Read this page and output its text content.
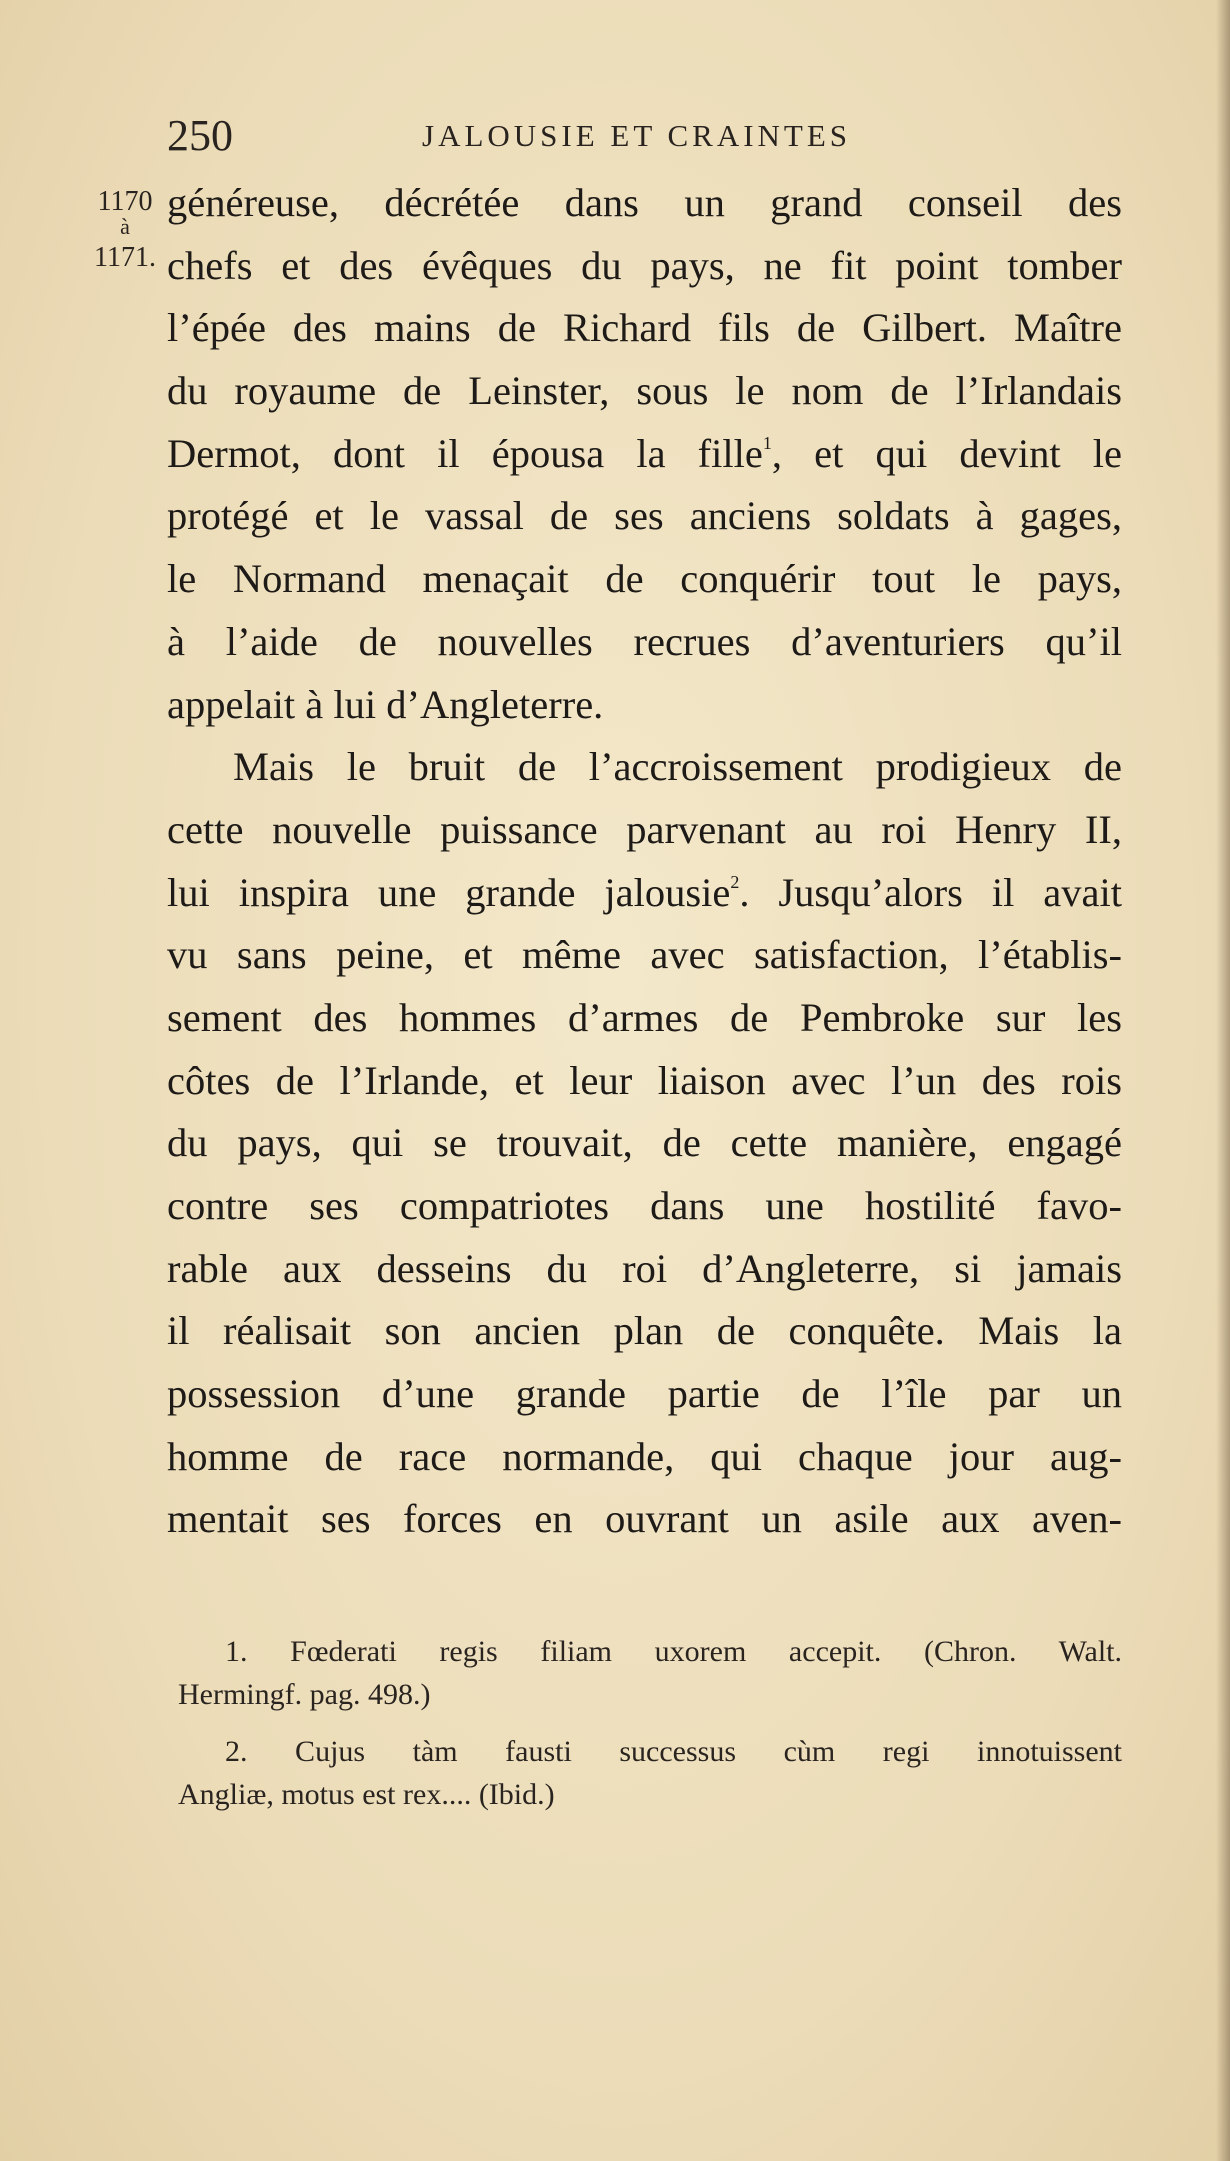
250	JALOUSIE ET CRAINTES
1170
à
1171.
généreuse, décrétée dans un grand conseil des
chefs et des évêques du pays, ne fit point tomber
l’épée des mains de Richard fils de Gilbert. Maître
du royaume de Leinster, sous le nom de l’Irlandais
Dermot, dont il épousa la fille$^1$, et qui devint le
protégé et le vassal de ses anciens soldats à gages,
le Normand menaçait de conquérir tout le pays,
à l’aide de nouvelles recrues d’aventuriers qu’il
appelait à lui d’Angleterre.
Mais le bruit de l’accroissement prodigieux de
cette nouvelle puissance parvenant au roi Henry II,
lui inspira une grande jalousie$^2$. Jusqu’alors il avait
vu sans peine, et même avec satisfaction, l’établis-
sement des hommes d’armes de Pembroke sur les
côtes de l’Irlande, et leur liaison avec l’un des rois
du pays, qui se trouvait, de cette manière, engagé
contre ses compatriotes dans une hostilité favo-
rable aux desseins du roi d’Angleterre, si jamais
il réalisait son ancien plan de conquête. Mais la
possession d’une grande partie de l’île par un
homme de race normande, qui chaque jour aug-
mentait ses forces en ouvrant un asile aux aven-
1. Fœderati regis filiam uxorem accepit. (Chron. Walt.
Hermingf. pag. 498.)
2. Cujus tàm fausti successus cùm regi innotuissent
Angliæ, motus est rex.... (Ibid.)
